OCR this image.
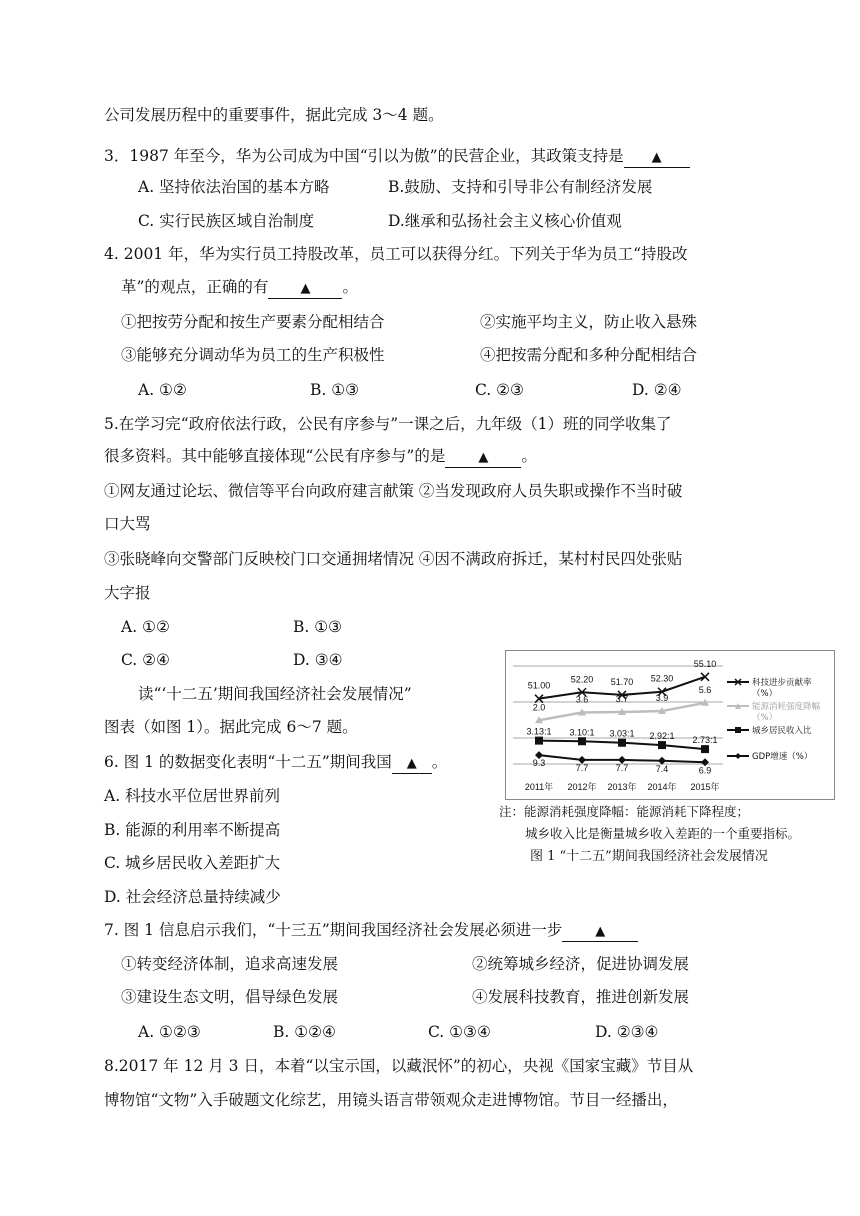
公司发展历程中的重要事件，据此完成 3～4 题。
3．1987 年至今，华为公司成为中国“引以为傲”的民营企业，其政策支持是 ▲
A. 坚持依法治国的基本方略	B.鼓励、支持和引导非公有制经济发展
C. 实行民族区域自治制度	D.继承和弘扬社会主义核心价值观
4. 2001 年，华为实行员工持股改革，员工可以获得分红。下列关于华为员工“持股改
革”的观点，正确的有 ▲ 。
①把按劳分配和按生产要素分配相结合	②实施平均主义，防止收入悬殊
③能够充分调动华为员工的生产积极性	④把按需分配和多种分配相结合
A. ①②	B. ①③	C. ②③	D. ②④
5.在学习完“政府依法行政，公民有序参与”一课之后，九年级（1）班的同学收集了
很多资料。其中能够直接体现“公民有序参与”的是	▲ 。
①网友通过论坛、微信等平台向政府建言献策 ②当发现政府人员失职或操作不当时破
口大骂
③张晓峰向交警部门反映校门口交通拥堵情况 ④因不满政府拆迁，某村村民四处张贴
大字报
A. ①②	B. ①③
C. ②④	D. ③④
读“‘十二五’期间我国经济社会发展情况”
图表（如图 1）。据此完成 6～7 题。
6. 图 1 的数据变化表明“十二五”期间我国 ▲ 。
A. 科技水平位居世界前列
B. 能源的利用率不断提高
C. 城乡居民收入差距扩大
D. 社会经济总量持续减少
7. 图 1 信息启示我们，“十三五”期间我国经济社会发展必须进一步	▲
①转变经济体制，追求高速发展	②统筹城乡经济，促进协调发展
③建设生态文明，倡导绿色发展	④发展科技教育，推进创新发展
A. ①②③	B. ①②④	C. ①③④	D. ②③④
8.2017 年 12 月 3 日，本着“以宝示国，以藏泯怀”的初心，央视《国家宝藏》节目从
博物馆“文物”入手破题文化综艺，用镜头语言带领观众走进博物馆。节目一经播出，
51.00
52.20 51.70 52.30
55.10
2.0
3.6	3.7	3.9
5.6
3.13:1 3.10:1 3.03:1 2.92:1 2.73:1
9.3	7.7	7.7	7.4	6.9
2011年 2012年 2013年 2014年 2015年
科技进步贡献率
（%）
能源消耗强度降幅
（%）
城乡居民收入比
GDP增速（%）
注：能源消耗强度降幅：能源消耗下降程度；
城乡收入比是衡量城乡收入差距的一个重要指标。
图 1 “十二五”期间我国经济社会发展情况
